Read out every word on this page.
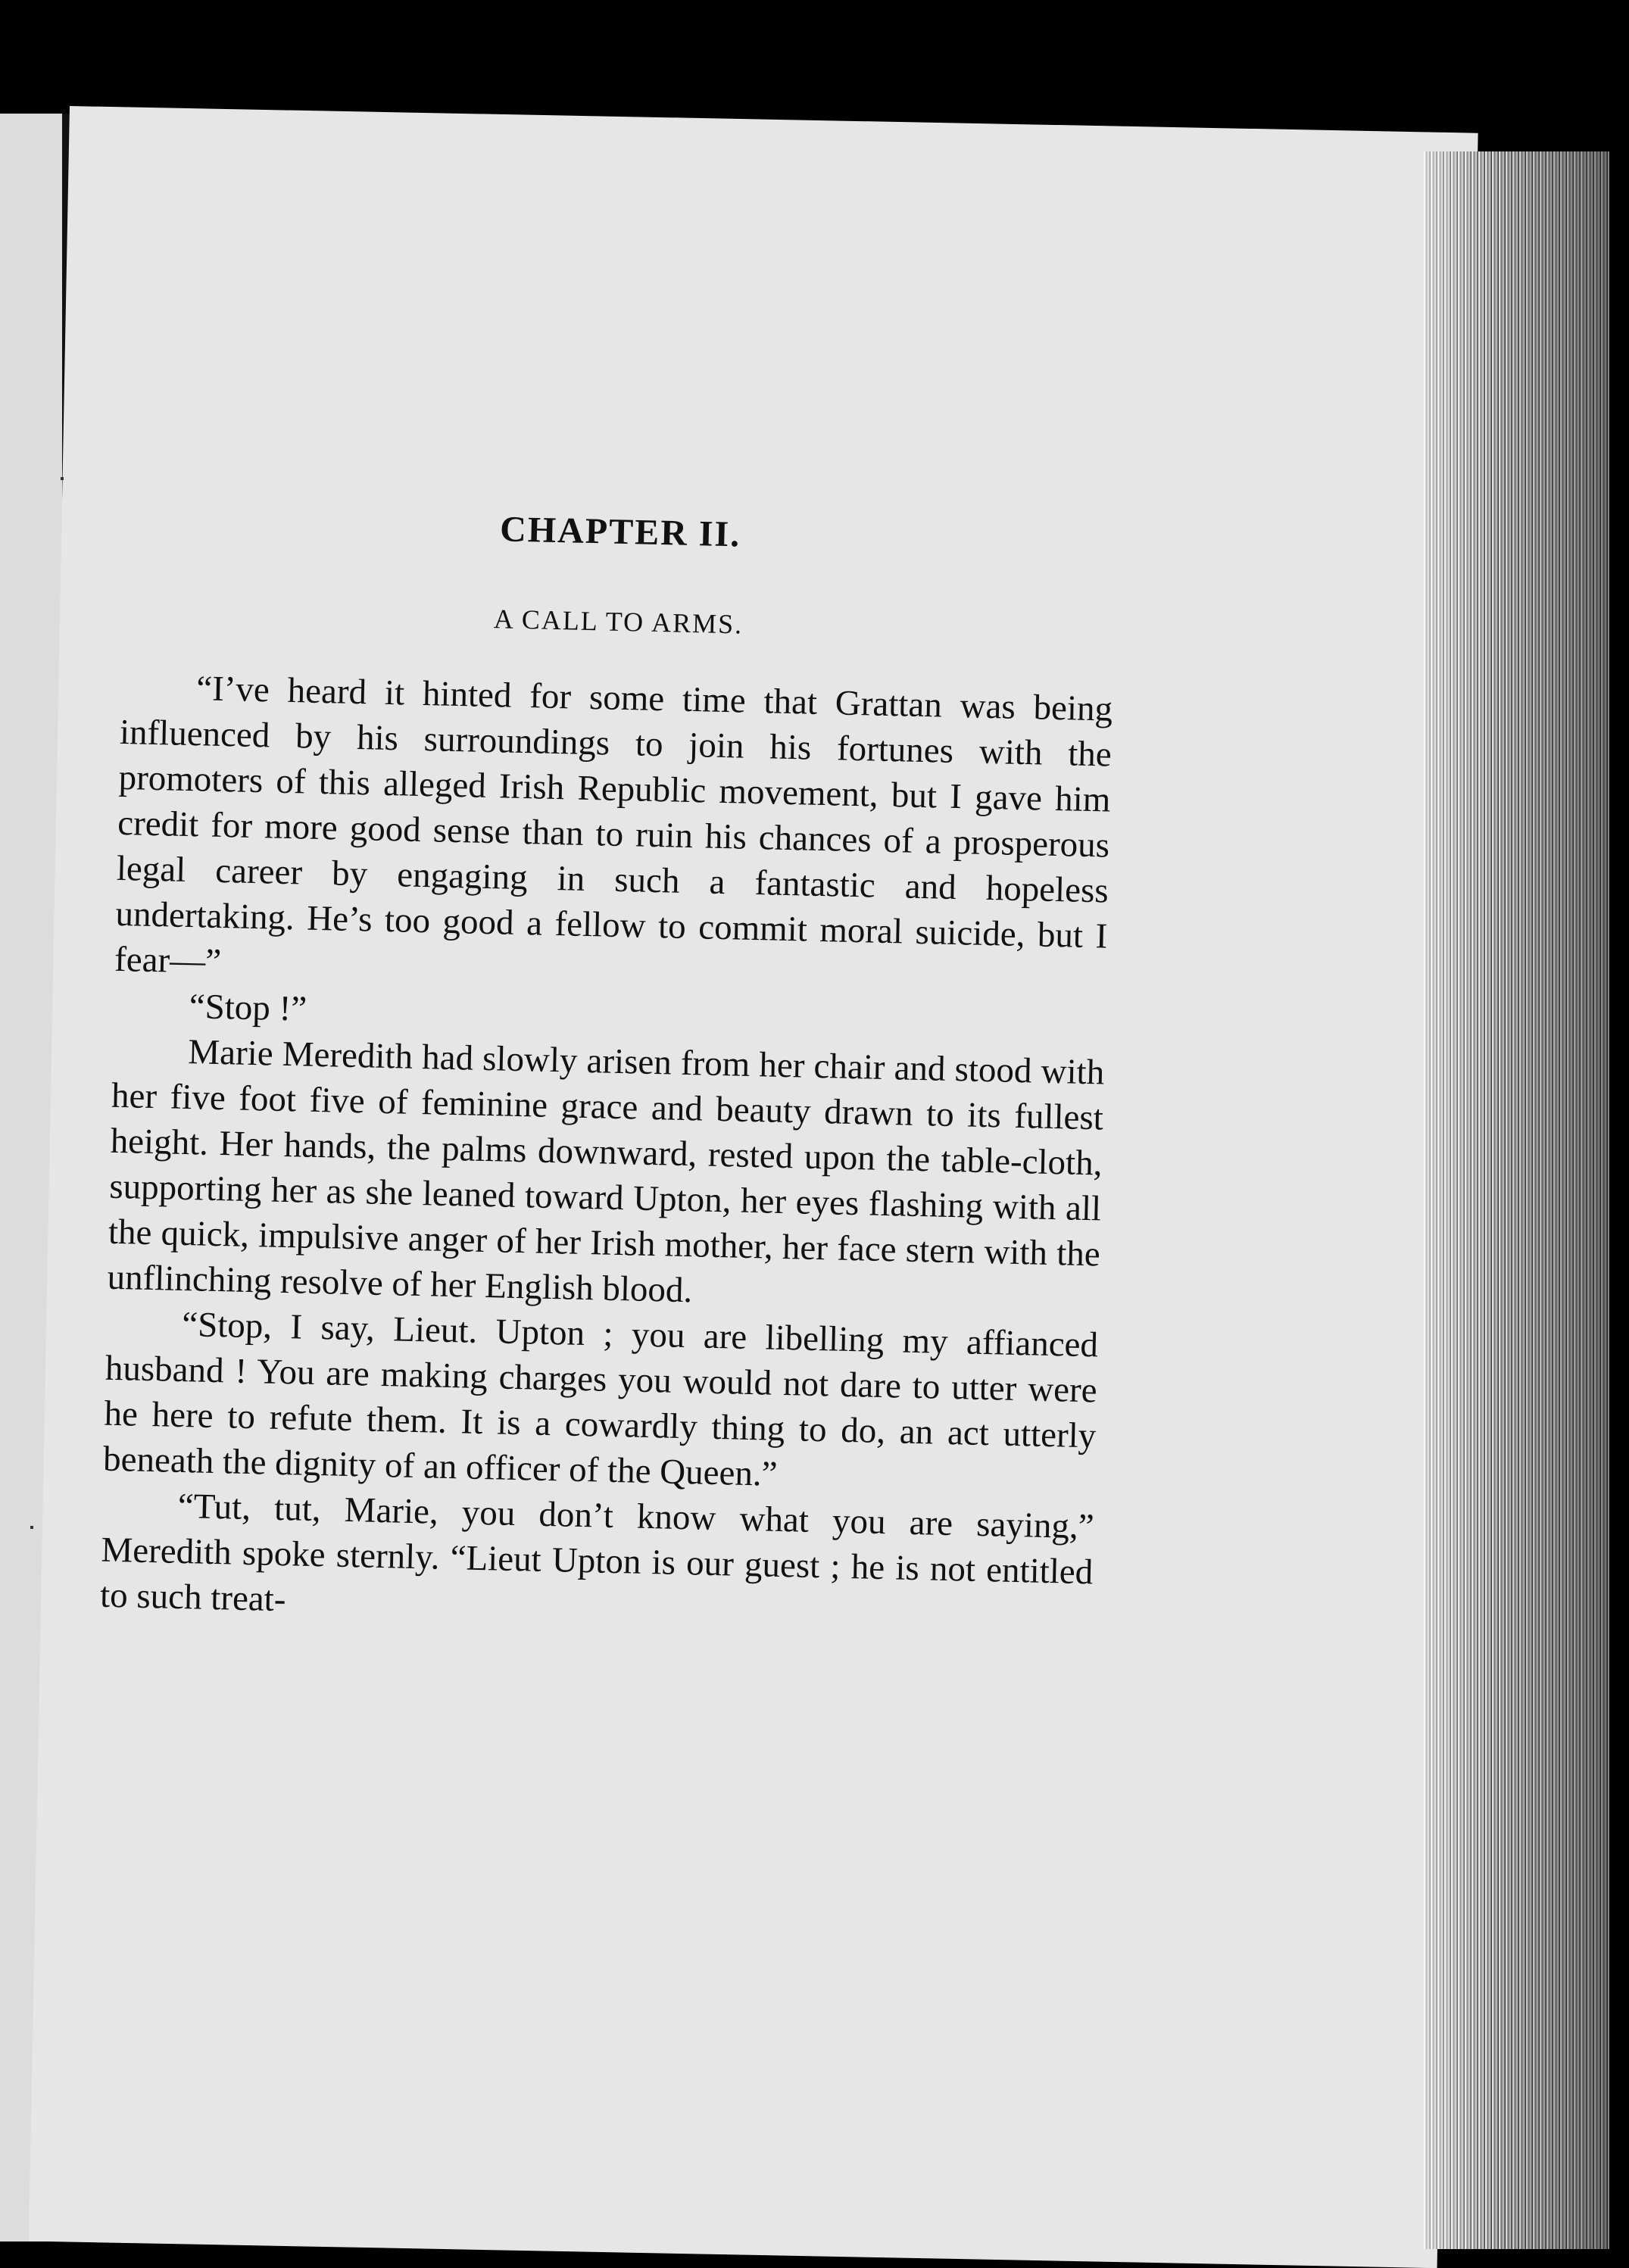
CHAPTER II.
A CALL TO ARMS.

“I’ve heard it hinted for some time that Grattan was being influenced by his surroundings to join his fortunes with the promoters of this alleged Irish Republic movement, but I gave him credit for more good sense than to ruin his chances of a prosperous legal career by engaging in such a fantastic and hopeless undertaking. He’s too good a fellow to commit moral suicide, but I fear—”

“Stop !”

Marie Meredith had slowly arisen from her chair and stood with her five foot five of feminine grace and beauty drawn to its fullest height. Her hands, the palms downward, rested upon the table-cloth, supporting her as she leaned toward Upton, her eyes flashing with all the quick, impulsive anger of her Irish mother, her face stern with the unflinching resolve of her English blood.

“Stop, I say, Lieut. Upton ; you are libelling my affianced husband ! You are making charges you would not dare to utter were he here to refute them. It is a cowardly thing to do, an act utterly beneath the dignity of an officer of the Queen.”

“Tut, tut, Marie, you don’t know what you are saying,” Meredith spoke sternly. “Lieut Upton is our guest ; he is not entitled to such treat-
